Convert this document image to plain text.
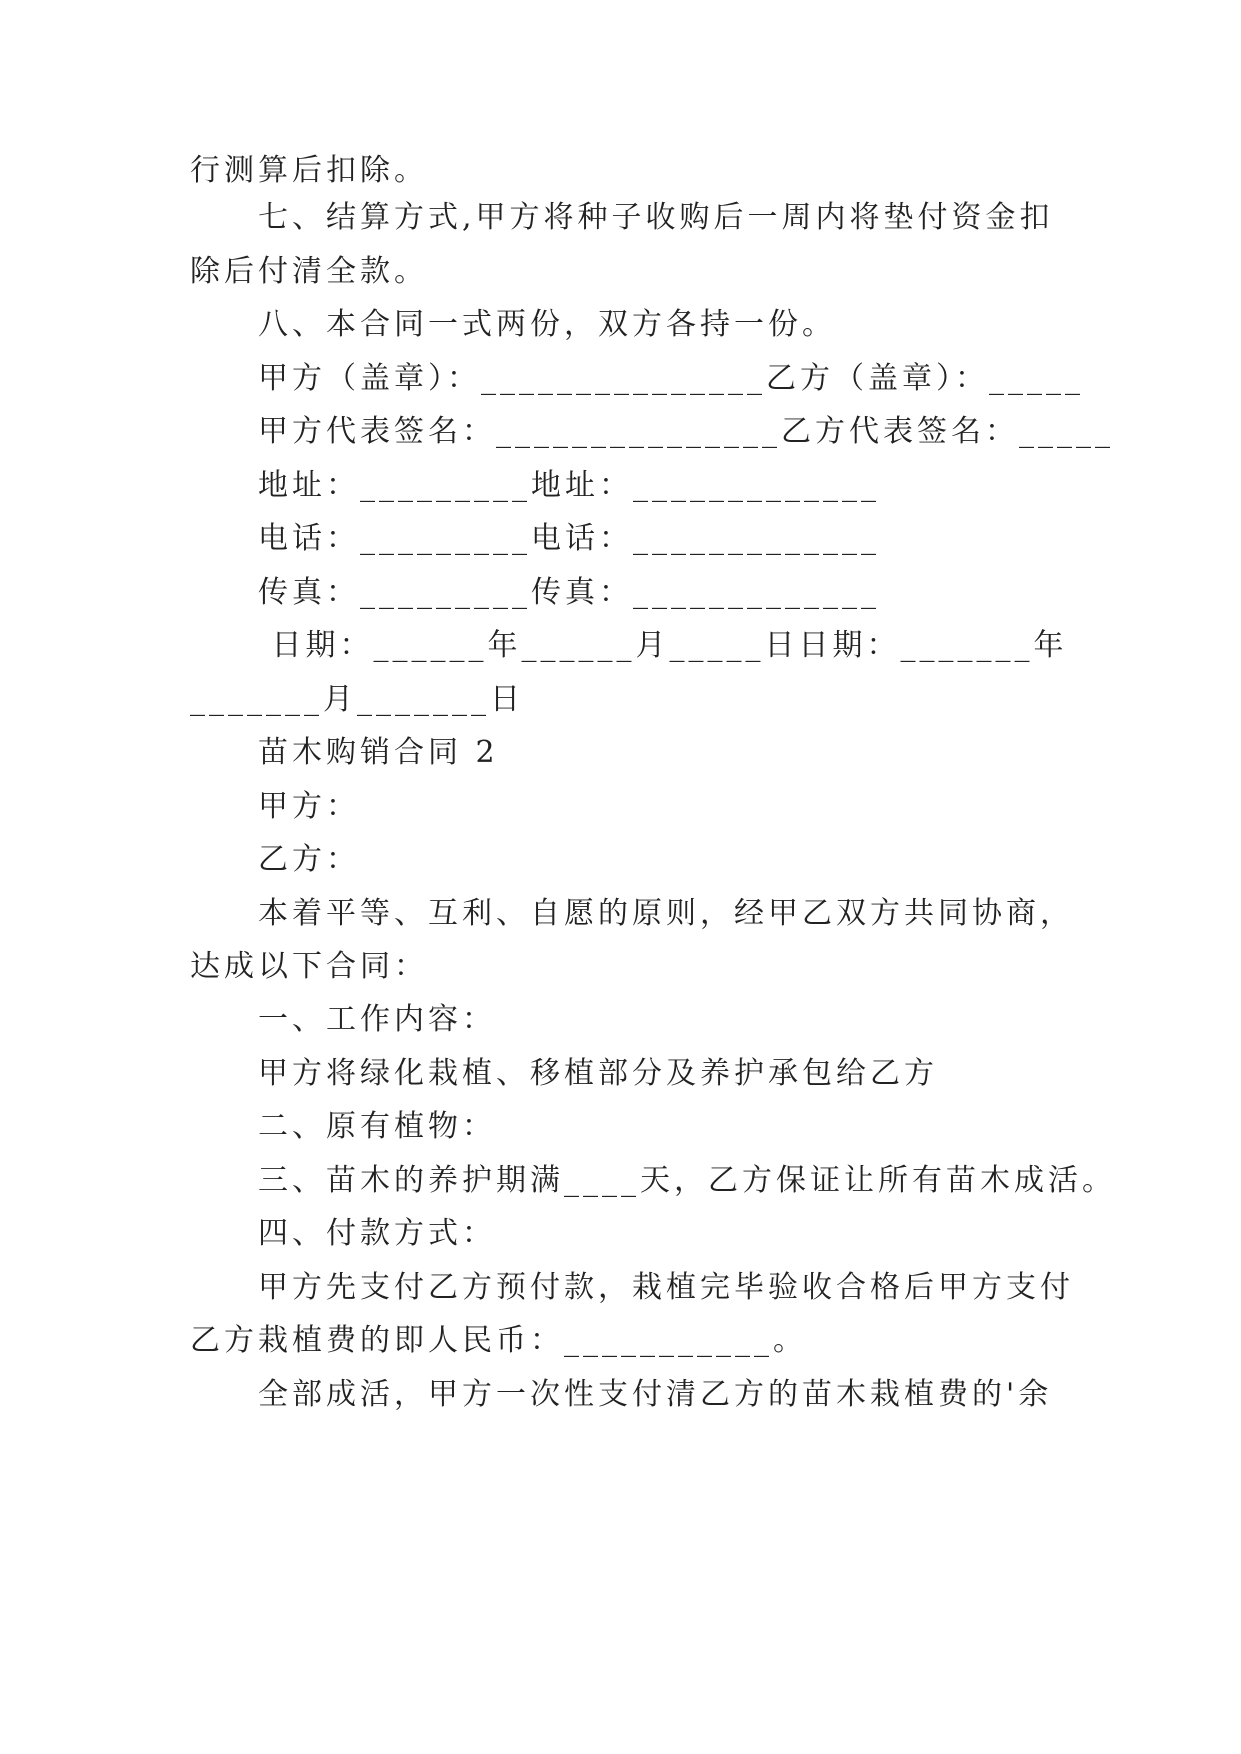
行测算后扣除。
七、结算方式,甲方将种子收购后一周内将垫付资金扣
除后付清全款。
八、本合同一式两份，双方各持一份。
甲方（盖章）：_______________乙方（盖章）：_____
甲方代表签名：_______________乙方代表签名：_____
地址：_________地址：_____________
电话：_________电话：_____________
传真：_________传真：_____________
日期：______年______月_____日日期：_______年
_______月_______日
苗木购销合同 2
甲方：
乙方：
本着平等、互利、自愿的原则，经甲乙双方共同协商，
达成以下合同：
一、工作内容：
甲方将绿化栽植、移植部分及养护承包给乙方
二、原有植物：
三、苗木的养护期满____天，乙方保证让所有苗木成活。
四、付款方式：
甲方先支付乙方预付款，栽植完毕验收合格后甲方支付
乙方栽植费的即人民币：___________。
全部成活，甲方一次性支付清乙方的苗木栽植费的'余
